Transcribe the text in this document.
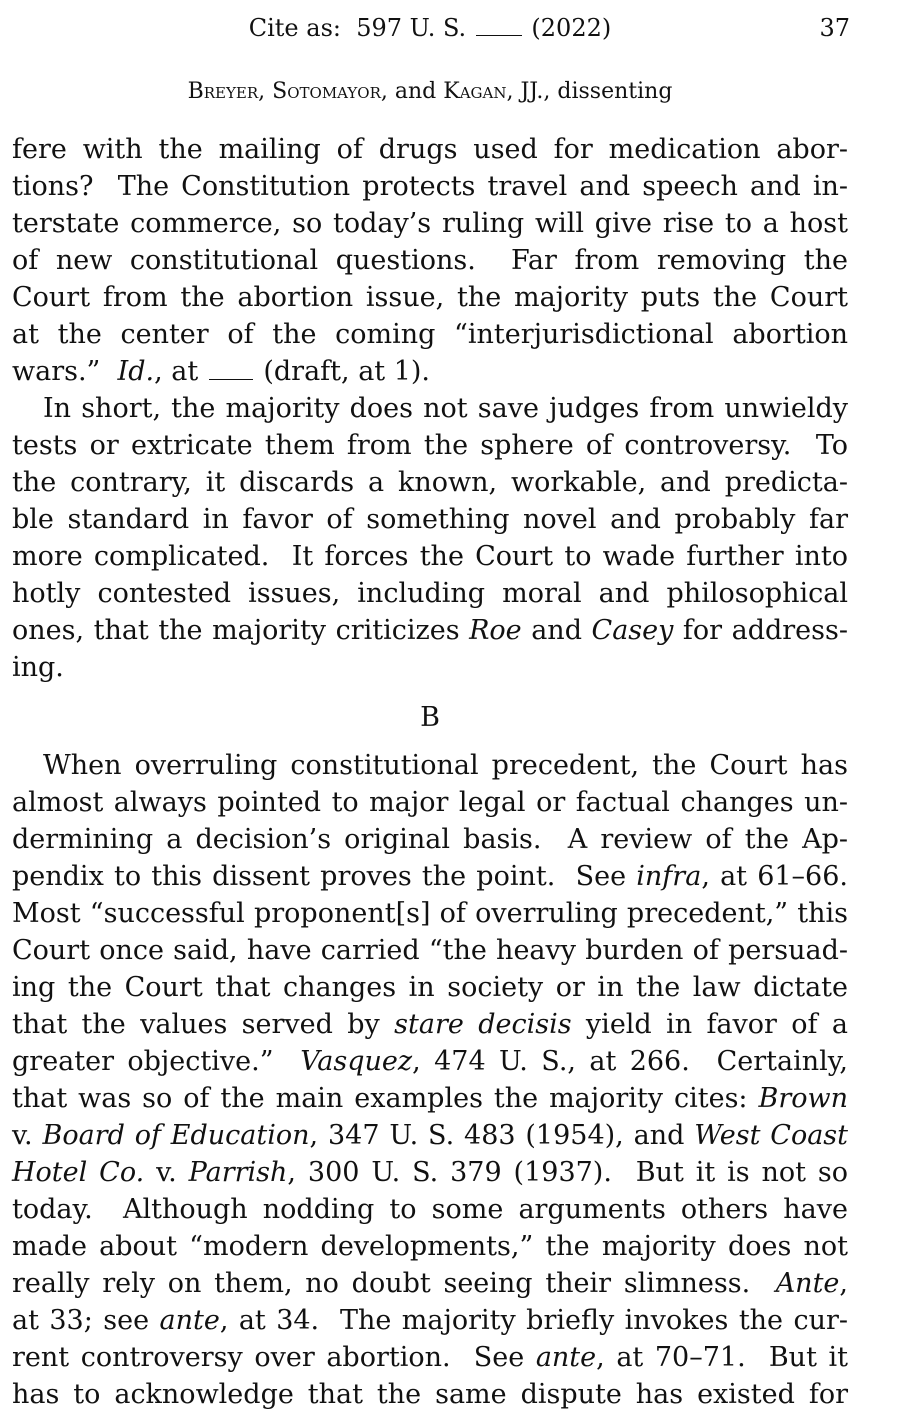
Cite as:  597 U. S.  (2022)	37
Breyer, Sotomayor, and Kagan, JJ., dissenting
fere with the mailing of drugs used for medication abor-
tions?  The Constitution protects travel and speech and in-
terstate commerce, so today’s ruling will give rise to a host
of new constitutional questions.  Far from removing the
Court from the abortion issue, the majority puts the Court
at the center of the coming “interjurisdictional abortion
wars.”  Id., at  (draft, at 1).
In short, the majority does not save judges from unwieldy
tests or extricate them from the sphere of controversy.  To
the contrary, it discards a known, workable, and predicta-
ble standard in favor of something novel and probably far
more complicated.  It forces the Court to wade further into
hotly contested issues, including moral and philosophical
ones, that the majority criticizes Roe and Casey for address-
ing.
B
When overruling constitutional precedent, the Court has
almost always pointed to major legal or factual changes un-
dermining a decision’s original basis.  A review of the Ap-
pendix to this dissent proves the point.  See infra, at 61–66.
Most “successful proponent[s] of overruling precedent,” this
Court once said, have carried “the heavy burden of persuad-
ing the Court that changes in society or in the law dictate
that the values served by stare decisis yield in favor of a
greater objective.”  Vasquez, 474 U. S., at 266.  Certainly,
that was so of the main examples the majority cites: Brown
v. Board of Education, 347 U. S. 483 (1954), and West Coast
Hotel Co. v. Parrish, 300 U. S. 379 (1937).  But it is not so
today.  Although nodding to some arguments others have
made about “modern developments,” the majority does not
really rely on them, no doubt seeing their slimness.  Ante,
at 33; see ante, at 34.  The majority briefly invokes the cur-
rent controversy over abortion.  See ante, at 70–71.  But it
has to acknowledge that the same dispute has existed for
